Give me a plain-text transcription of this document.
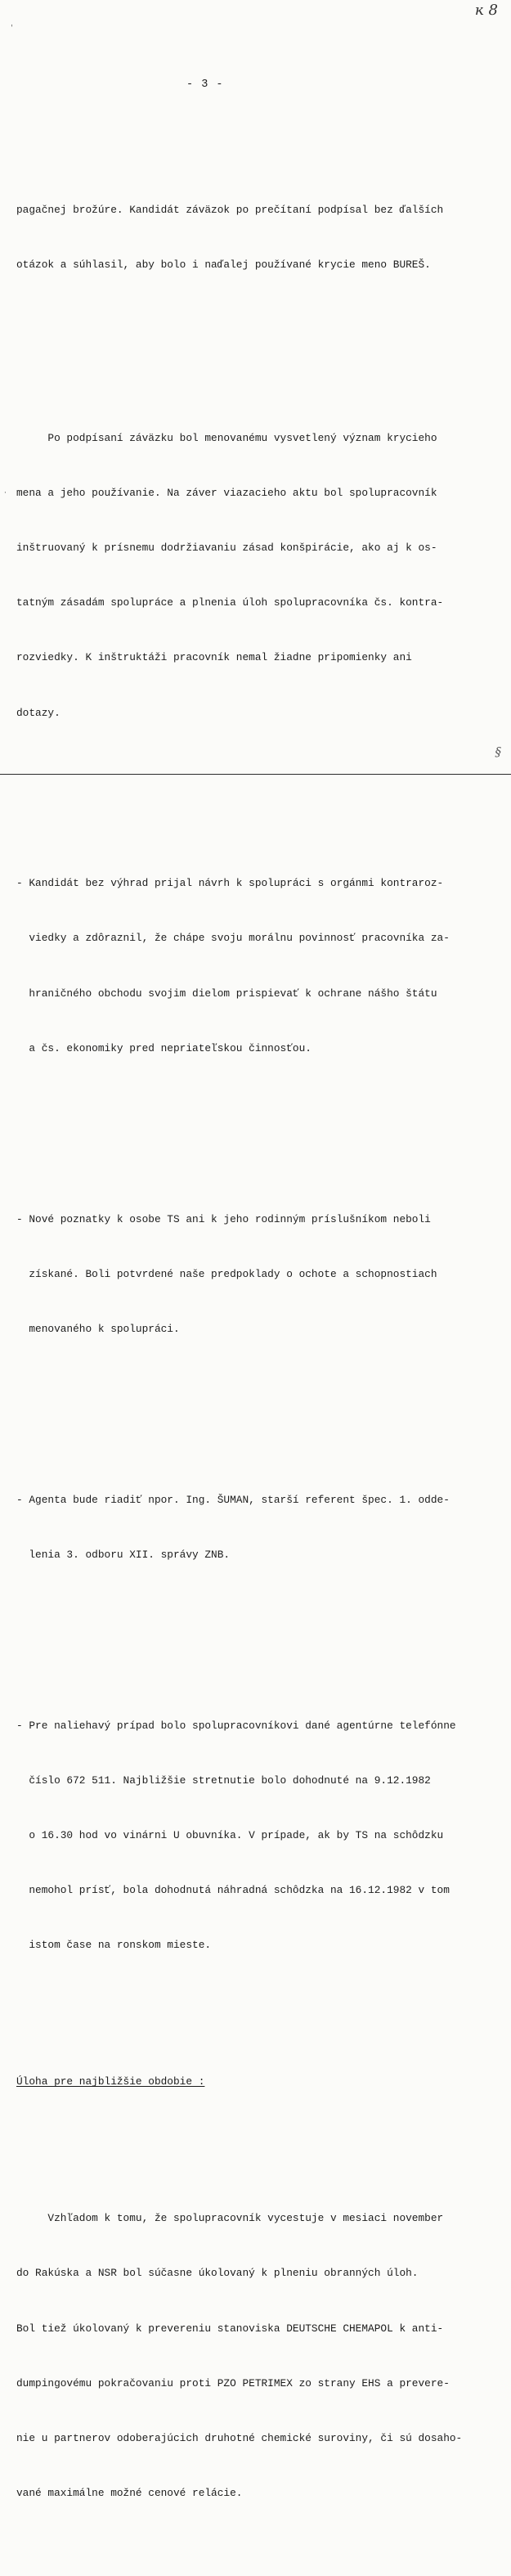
ĸ 8
'
·
- 3 -

pagačnej brožúre. Kandidát záväzok po prečítaní podpísal bez ďalších

otázok a súhlasil, aby bolo i naďalej používané krycie meno BUREŠ.

Po podpísaní záväzku bol menovanému vysvetlený význam krycieho

mena a jeho používanie. Na záver viazacieho aktu bol spolupracovník

inštruovaný k prísnemu dodržiavaniu zásad konšpirácie, ako aj k os-

tatným zásadám spolupráce a plnenia úloh spolupracovníka čs. kontra-

rozviedky. K inštruktáži pracovník nemal žiadne pripomienky ani

dotazy.

- Kandidát bez výhrad prijal návrh k spolupráci s orgánmi kontraroz-

viedky a zdôraznil, že chápe svoju morálnu povinnosť pracovníka za-

hraničného obchodu svojim dielom prispievať k ochrane nášho štátu

a čs. ekonomiky pred nepriateľskou činnosťou.

- Nové poznatky k osobe TS ani k jeho rodinným príslušníkom neboli

získané. Boli potvrdené naše predpoklady o ochote a schopnostiach

menovaného k spolupráci.

- Agenta bude riadiť npor. Ing. ŠUMAN, starší referent špec. 1. odde-

lenia 3. odboru XII. správy ZNB.

- Pre naliehavý prípad bolo spolupracovníkovi dané agentúrne telefónne

číslo 672 511. Najbližšie stretnutie bolo dohodnuté na 9.12.1982

o 16.30 hod vo vinárni U obuvníka. V prípade, ak by TS na schôdzku

nemohol prísť, bola dohodnutá náhradná schôdzka na 16.12.1982 v tom

istom čase na ronskom mieste.

Úloha pre najbližšie obdobie :

Vzhľadom k tomu, že spolupracovník vycestuje v mesiaci november

do Rakúska a NSR bol súčasne úkolovaný k plneniu obranných úloh.

Bol tiež úkolovaný k prevereniu stanoviska DEUTSCHE CHEMAPOL k anti-

dumpingovému pokračovaniu proti PZO PETRIMEX zo strany EHS a prevere-

nie u partnerov odoberajúcich druhotné chemické suroviny, či sú dosaho-

vané maximálne možné cenové relácie.

§
